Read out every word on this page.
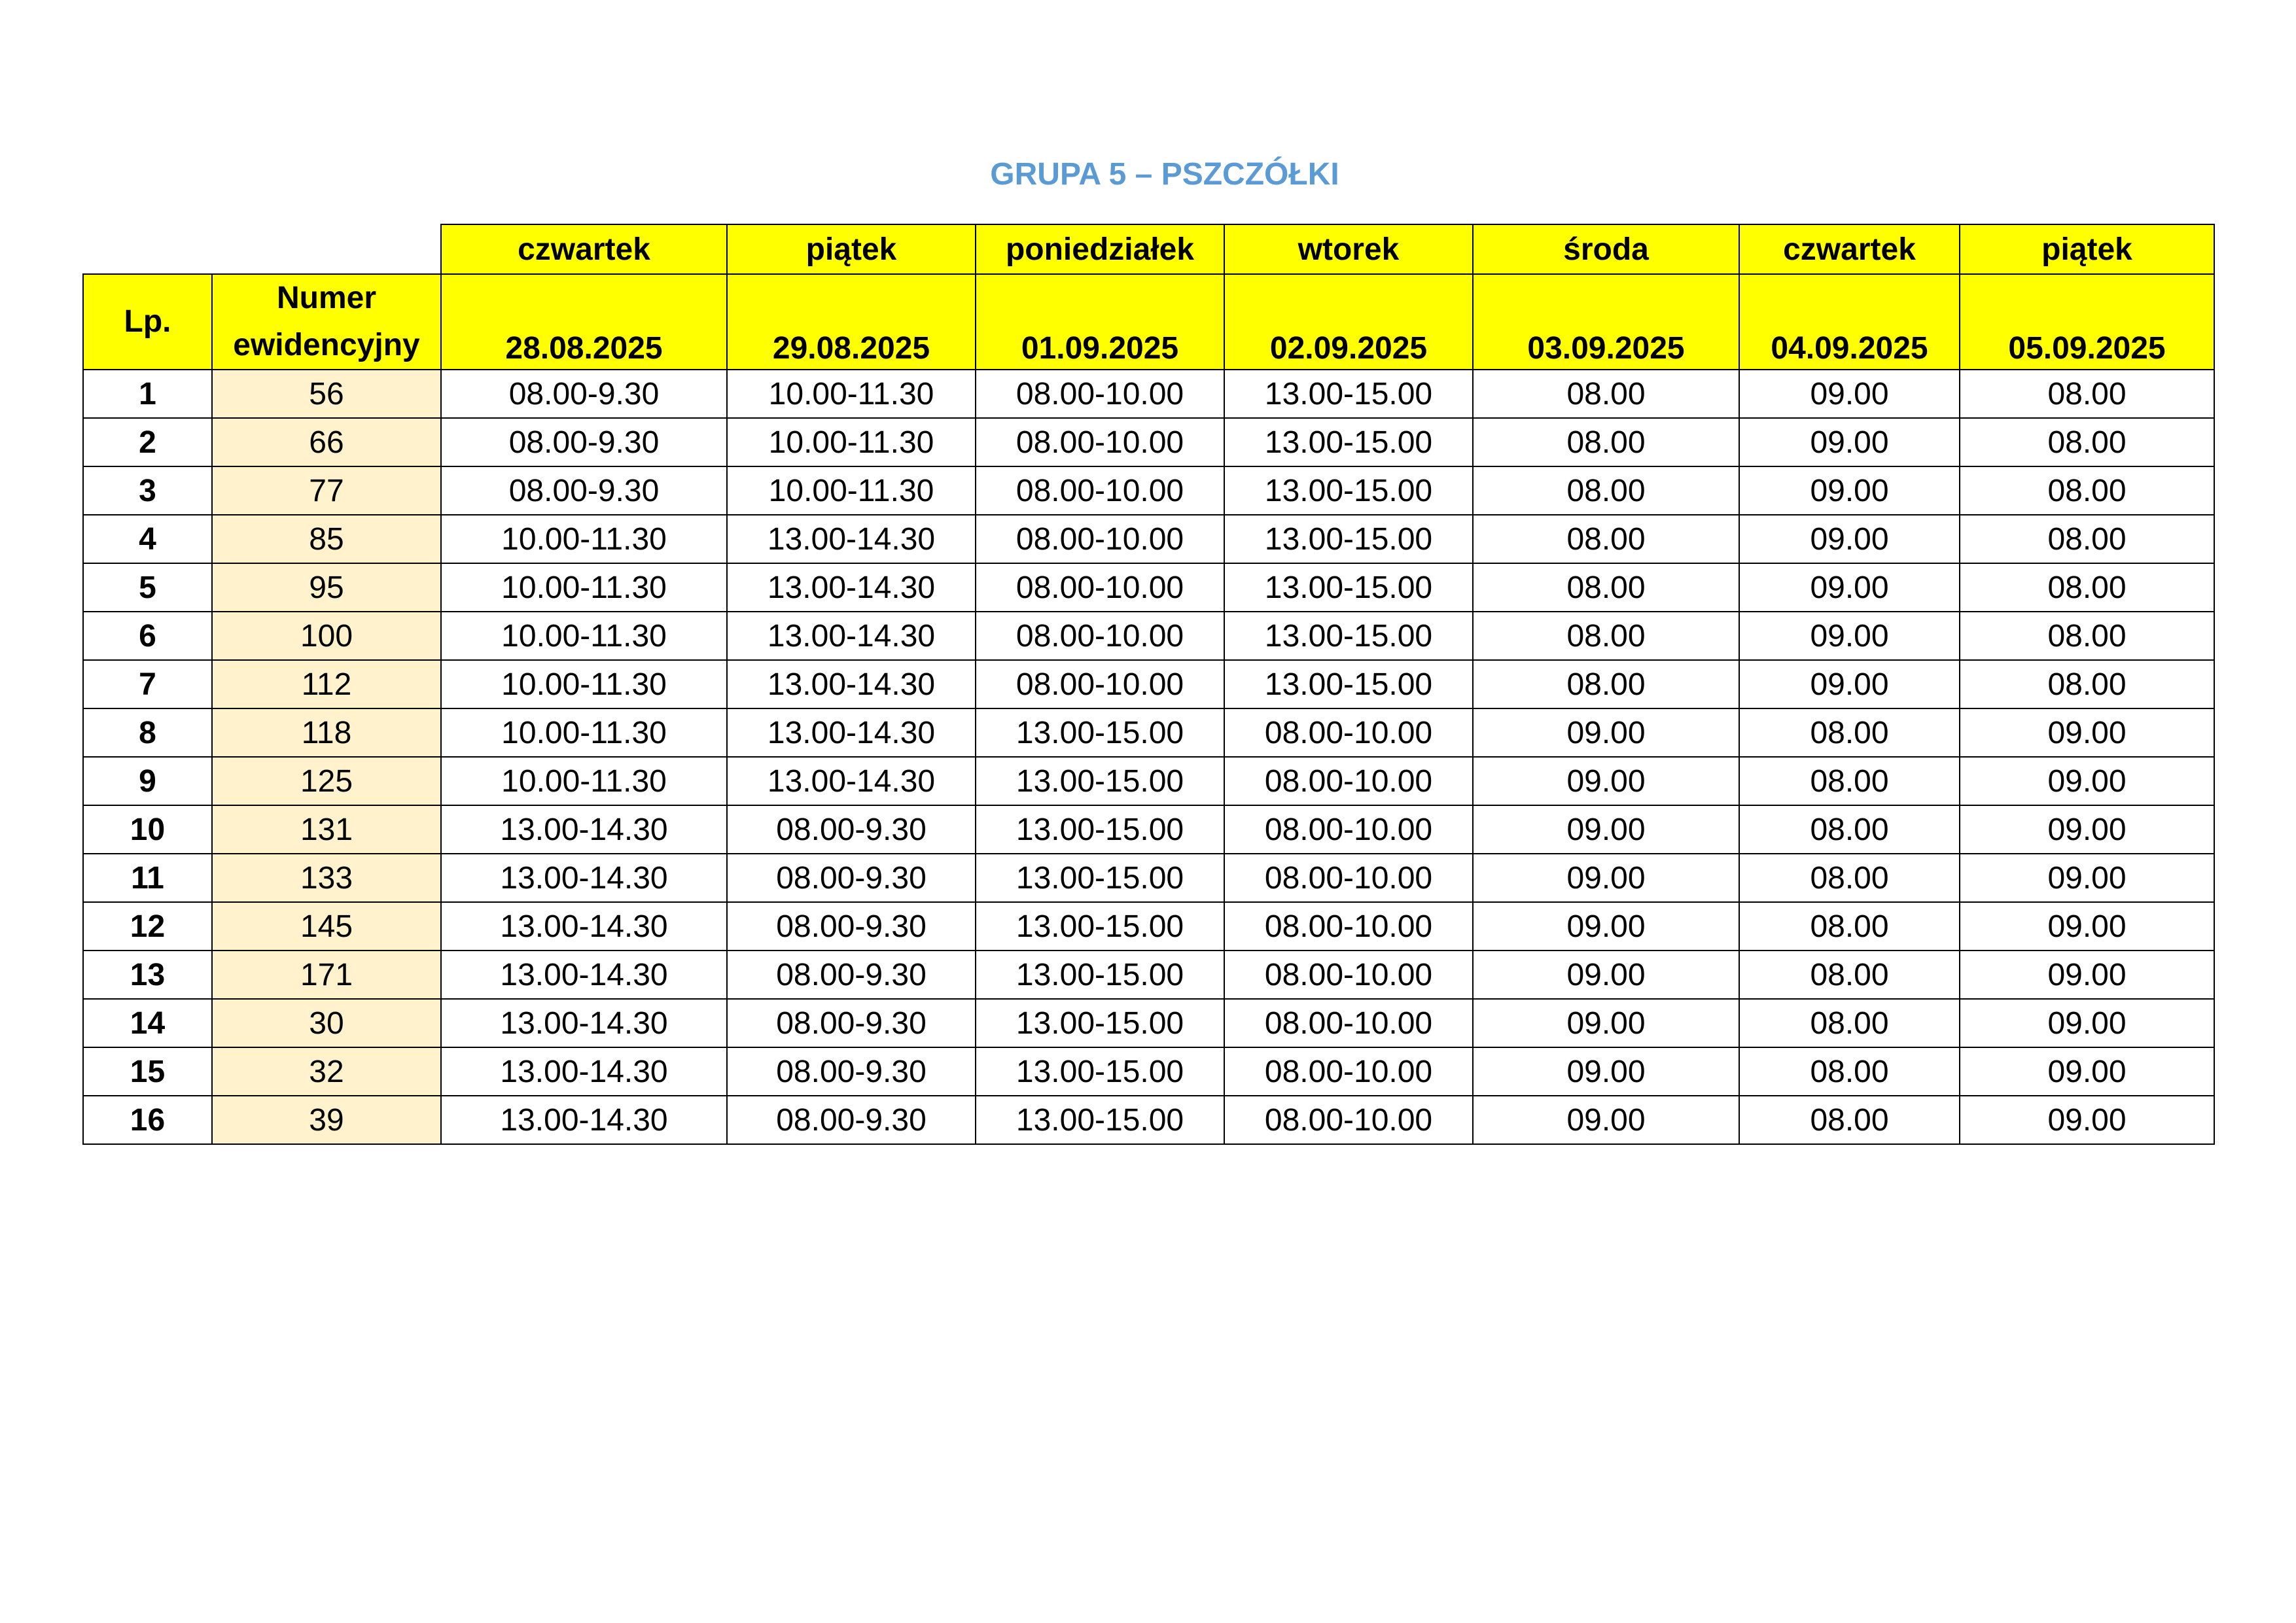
GRUPA 5 – PSZCZÓŁKI
		czwartek	piątek	poniedziałek	wtorek	środa	czwartek	piątek
Lp.	Numer ewidencyjny	28.08.2025	29.08.2025	01.09.2025	02.09.2025	03.09.2025	04.09.2025	05.09.2025
1	56	08.00-9.30	10.00-11.30	08.00-10.00	13.00-15.00	08.00	09.00	08.00
2	66	08.00-9.30	10.00-11.30	08.00-10.00	13.00-15.00	08.00	09.00	08.00
3	77	08.00-9.30	10.00-11.30	08.00-10.00	13.00-15.00	08.00	09.00	08.00
4	85	10.00-11.30	13.00-14.30	08.00-10.00	13.00-15.00	08.00	09.00	08.00
5	95	10.00-11.30	13.00-14.30	08.00-10.00	13.00-15.00	08.00	09.00	08.00
6	100	10.00-11.30	13.00-14.30	08.00-10.00	13.00-15.00	08.00	09.00	08.00
7	112	10.00-11.30	13.00-14.30	08.00-10.00	13.00-15.00	08.00	09.00	08.00
8	118	10.00-11.30	13.00-14.30	13.00-15.00	08.00-10.00	09.00	08.00	09.00
9	125	10.00-11.30	13.00-14.30	13.00-15.00	08.00-10.00	09.00	08.00	09.00
10	131	13.00-14.30	08.00-9.30	13.00-15.00	08.00-10.00	09.00	08.00	09.00
11	133	13.00-14.30	08.00-9.30	13.00-15.00	08.00-10.00	09.00	08.00	09.00
12	145	13.00-14.30	08.00-9.30	13.00-15.00	08.00-10.00	09.00	08.00	09.00
13	171	13.00-14.30	08.00-9.30	13.00-15.00	08.00-10.00	09.00	08.00	09.00
14	30	13.00-14.30	08.00-9.30	13.00-15.00	08.00-10.00	09.00	08.00	09.00
15	32	13.00-14.30	08.00-9.30	13.00-15.00	08.00-10.00	09.00	08.00	09.00
16	39	13.00-14.30	08.00-9.30	13.00-15.00	08.00-10.00	09.00	08.00	09.00
